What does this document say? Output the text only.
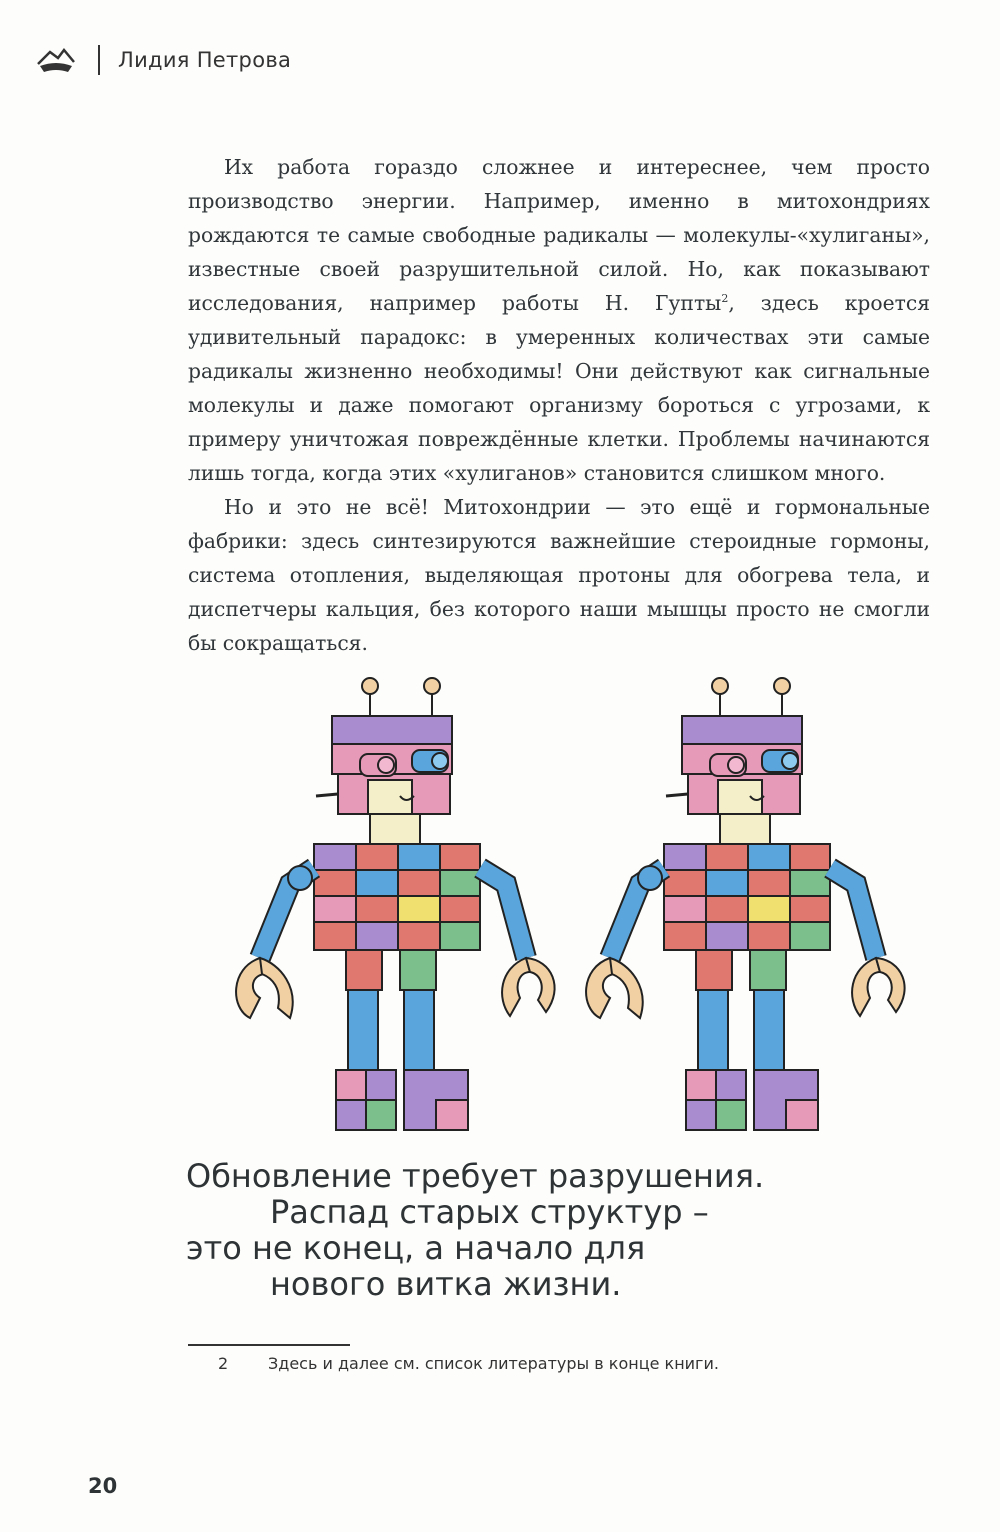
Лидия Петрова

Их работа гораздо сложнее и интереснее, чем просто производство энергии. Например, именно в митохондриях рождаются те самые свободные радикалы — молекулы-«хулиганы», известные своей разрушительной силой. Но, как показывают исследования, например работы Н. Гупты$^2$, здесь кроется удивительный парадокс: в умеренных количествах эти самые радикалы жизненно необходимы! Они действуют как сигнальные молекулы и даже помогают организму бороться с угрозами, к примеру уничтожая повреждённые клетки. Проблемы начинаются лишь тогда, когда этих «хулиганов» становится слишком много.

Но и это не всё! Митохондрии — это ещё и гормональные фабрики: здесь синтезируются важнейшие стероидные гормоны, система отопления, выделяющая протоны для обогрева тела, и диспетчеры кальция, без которого наши мышцы просто не смогли бы сокращаться.

Обновление требует разрушения.
Распад старых структур –
это не конец, а начало для
нового витка жизни.
2	Здесь и далее см. список литературы в конце книги.
20
